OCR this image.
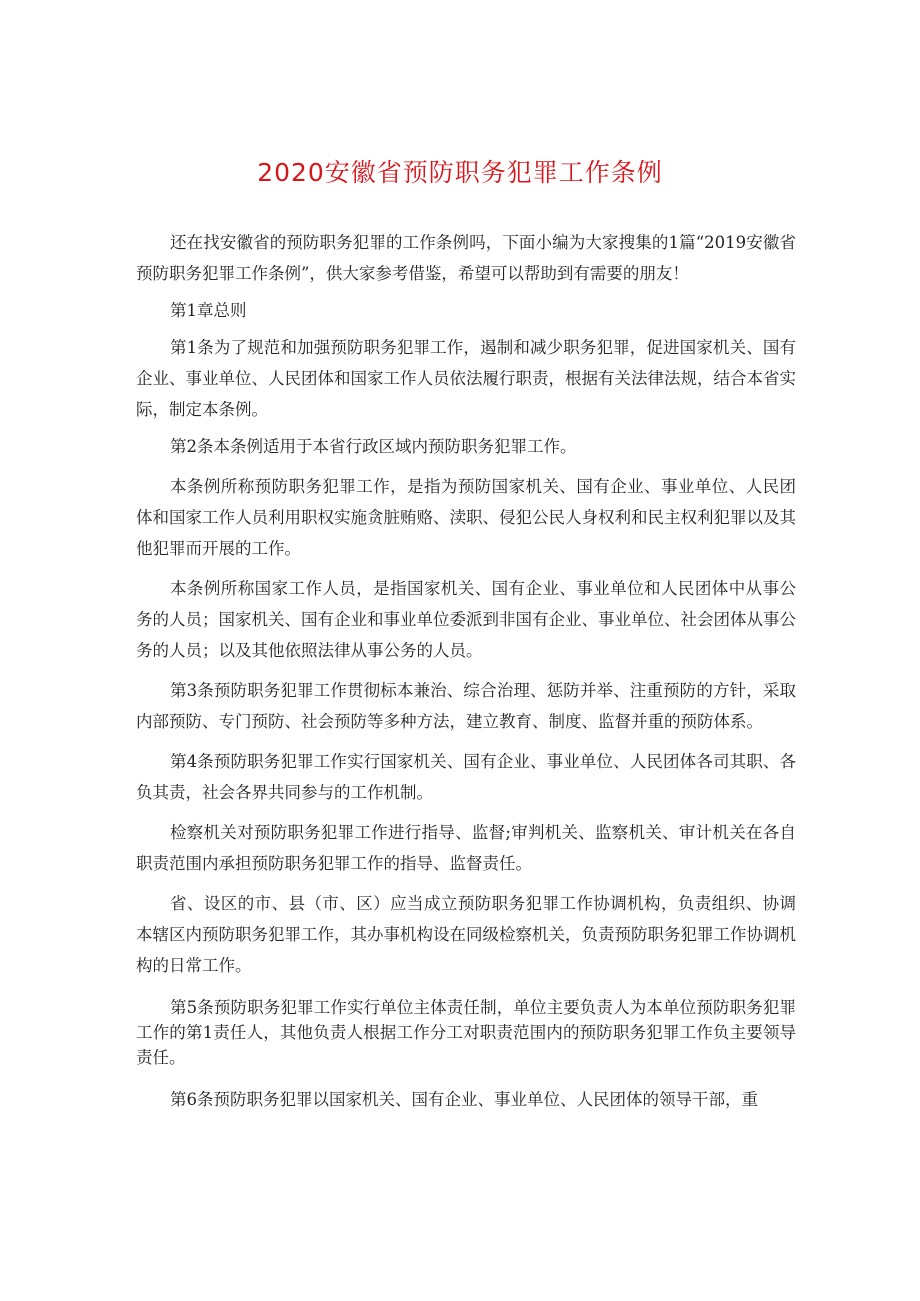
2020安徽省预防职务犯罪工作条例

还在找安徽省的预防职务犯罪的工作条例吗，下面小编为大家搜集的1篇“2019安徽省预防职务犯罪工作条例”，供大家参考借鉴，希望可以帮助到有需要的朋友！

第1章总则

第1条为了规范和加强预防职务犯罪工作，遏制和减少职务犯罪，促进国家机关、国有企业、事业单位、人民团体和国家工作人员依法履行职责，根据有关法律法规，结合本省实际，制定本条例。

第2条本条例适用于本省行政区域内预防职务犯罪工作。

本条例所称预防职务犯罪工作，是指为预防国家机关、国有企业、事业单位、人民团体和国家工作人员利用职权实施贪脏贿赂、渎职、侵犯公民人身权利和民主权利犯罪以及其他犯罪而开展的工作。

本条例所称国家工作人员，是指国家机关、国有企业、事业单位和人民团体中从事公务的人员；国家机关、国有企业和事业单位委派到非国有企业、事业单位、社会团体从事公务的人员；以及其他依照法律从事公务的人员。

第3条预防职务犯罪工作贯彻标本兼治、综合治理、惩防并举、注重预防的方针，采取内部预防、专门预防、社会预防等多种方法，建立教育、制度、监督并重的预防体系。

第4条预防职务犯罪工作实行国家机关、国有企业、事业单位、人民团体各司其职、各负其责，社会各界共同参与的工作机制。

检察机关对预防职务犯罪工作进行指导、监督;审判机关、监察机关、审计机关在各自职责范围内承担预防职务犯罪工作的指导、监督责任。

省、设区的市、县（市、区）应当成立预防职务犯罪工作协调机构，负责组织、协调本辖区内预防职务犯罪工作，其办事机构设在同级检察机关，负责预防职务犯罪工作协调机构的日常工作。

第5条预防职务犯罪工作实行单位主体责任制，单位主要负责人为本单位预防职务犯罪工作的第1责任人，其他负责人根据工作分工对职责范围内的预防职务犯罪工作负主要领导责任。

第6条预防职务犯罪以国家机关、国有企业、事业单位、人民团体的领导干部，重
